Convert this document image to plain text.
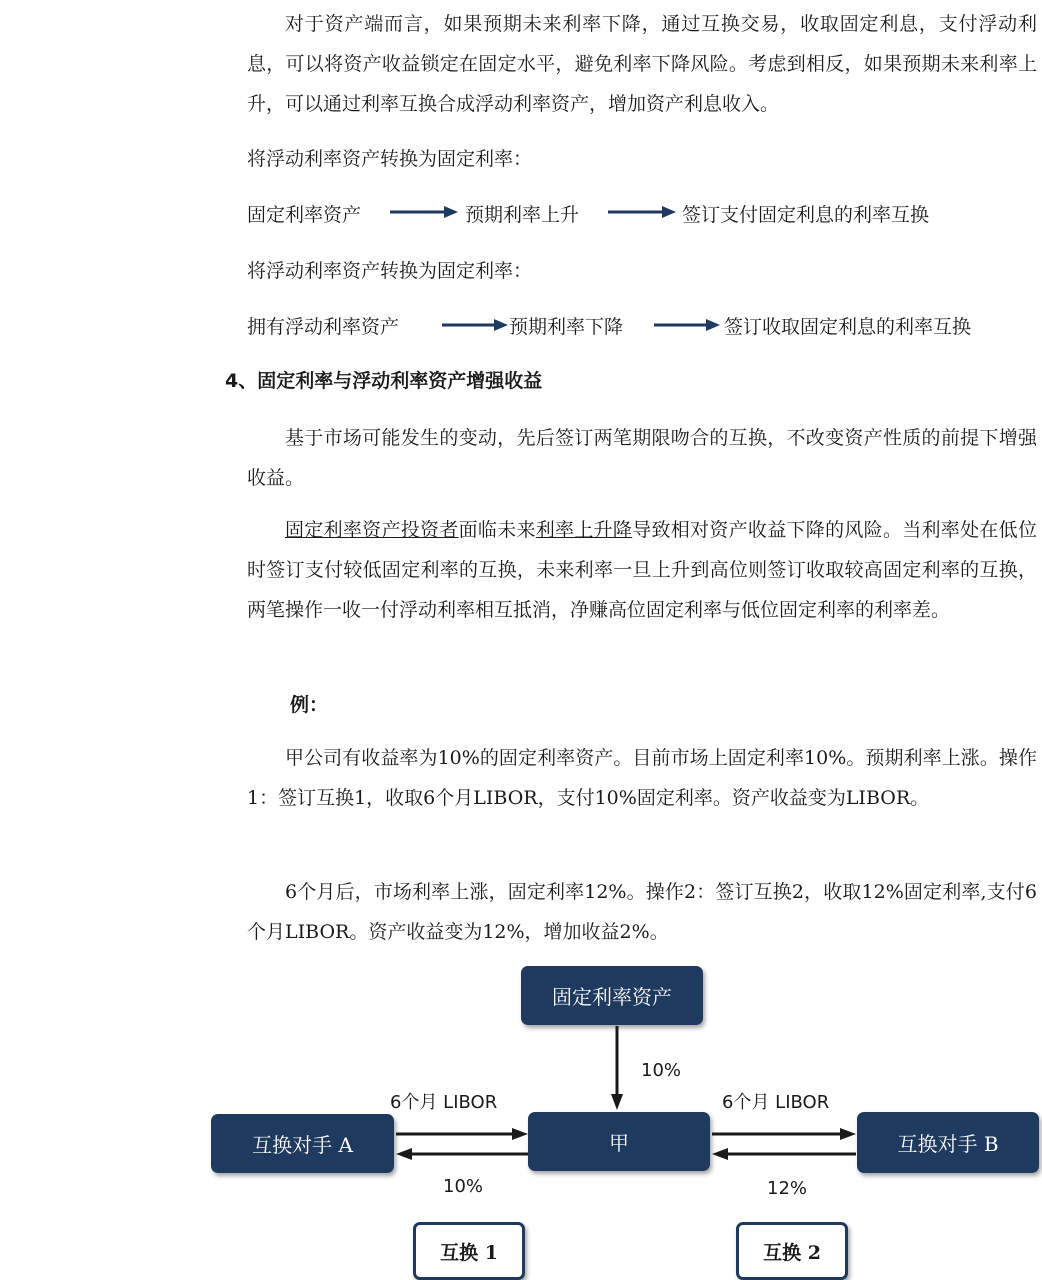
对于资产端而言，如果预期未来利率下降，通过互换交易，收取固定利息，支付浮动利息，可以将资产收益锁定在固定水平，避免利率下降风险。考虑到相反，如果预期未来利率上升，可以通过利率互换合成浮动利率资产，增加资产利息收入。
将浮动利率资产转换为固定利率：
固定利率资产	预期利率上升	签订支付固定利息的利率互换
将浮动利率资产转换为固定利率：
拥有浮动利率资产	预期利率下降	签订收取固定利息的利率互换
4、固定利率与浮动利率资产增强收益
基于市场可能发生的变动，先后签订两笔期限吻合的互换，不改变资产性质的前提下增强收益。
固定利率资产投资者面临未来利率上升降导致相对资产收益下降的风险。当利率处在低位时签订支付较低固定利率的互换，未来利率一旦上升到高位则签订收取较高固定利率的互换，两笔操作一收一付浮动利率相互抵消，净赚高位固定利率与低位固定利率的利率差。
例：
甲公司有收益率为10%的固定利率资产。目前市场上固定利率10%。预期利率上涨。操作1：签订互换1，收取6个月LIBOR，支付10%固定利率。资产收益变为LIBOR。
6个月后，市场利率上涨，固定利率12%。操作2：签订互换2，收取12%固定利率,支付6个月LIBOR。资产收益变为12%，增加收益2%。
固定利率资产
10%
互换对手 A	甲	互换对手 B
6个月 LIBOR	6个月 LIBOR
10%	12%
互换 1	互换 2
